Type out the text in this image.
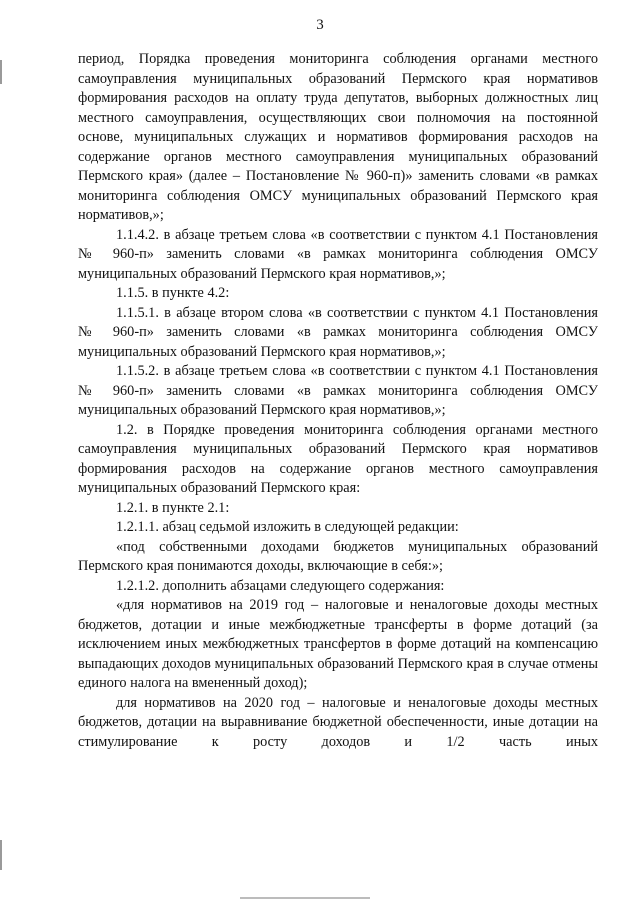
3

период, Порядка проведения мониторинга соблюдения органами местного самоуправления муниципальных образований Пермского края нормативов формирования расходов на оплату труда депутатов, выборных должностных лиц местного самоуправления, осуществляющих свои полномочия на постоянной основе, муниципальных служащих и нормативов формирования расходов на содержание органов местного самоуправления муниципальных образований Пермского края» (далее – Постановление № 960-п)» заменить словами «в рамках мониторинга соблюдения ОМСУ муниципальных образований Пермского края нормативов,»;

1.1.4.2. в абзаце третьем слова «в соответствии с пунктом 4.1 Постановления № 960-п» заменить словами «в рамках мониторинга соблюдения ОМСУ муниципальных образований Пермского края нормативов,»;

1.1.5. в пункте 4.2:

1.1.5.1. в абзаце втором слова «в соответствии с пунктом 4.1 Постановления № 960-п» заменить словами «в рамках мониторинга соблюдения ОМСУ муниципальных образований Пермского края нормативов,»;

1.1.5.2. в абзаце третьем слова «в соответствии с пунктом 4.1 Постановления № 960-п» заменить словами «в рамках мониторинга соблюдения ОМСУ муниципальных образований Пермского края нормативов,»;

1.2. в Порядке проведения мониторинга соблюдения органами местного самоуправления муниципальных образований Пермского края нормативов формирования расходов на содержание органов местного самоуправления муниципальных образований Пермского края:

1.2.1. в пункте 2.1:

1.2.1.1. абзац седьмой изложить в следующей редакции:

«под собственными доходами бюджетов муниципальных образований Пермского края понимаются доходы, включающие в себя:»;

1.2.1.2. дополнить абзацами следующего содержания:

«для нормативов на 2019 год – налоговые и неналоговые доходы местных бюджетов, дотации и иные межбюджетные трансферты в форме дотаций (за исключением иных межбюджетных трансфертов в форме дотаций на компенсацию выпадающих доходов муниципальных образований Пермского края в случае отмены единого налога на вмененный доход);

для нормативов на 2020 год – налоговые и неналоговые доходы местных бюджетов, дотации на выравнивание бюджетной обеспеченности, иные дотации на стимулирование к росту доходов и 1/2 часть иных
